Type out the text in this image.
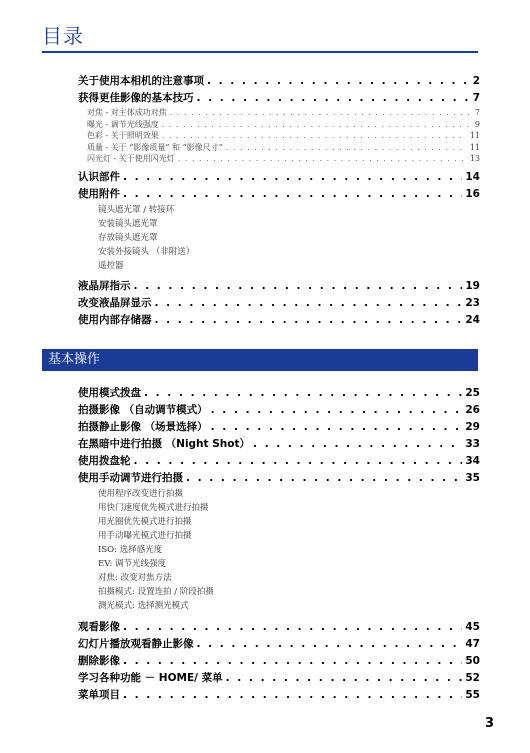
目录
关于使用本相机的注意事项 . . .	2
获得更佳影像的基本技巧 . . .	7
对焦 - 对主体成功对焦 . . .	7
曝光 - 调节光线强度 . . .	9
色彩 - 关于照明效果 . . .	11
质量 - 关于 “影像质量” 和 “影像尺寸” . . .	11
闪光灯 - 关于使用闪光灯 . . .	13
认识部件 . . .	14
使用附件 . . .	16
镜头遮光罩 / 转接环
安装镜头遮光罩
存放镜头遮光罩
安装外接镜头 （非附送）
遥控器
液晶屏指示 . . .	19
改变液晶屏显示 . . .	23
使用内部存储器 . . .	24
基本操作
使用模式拨盘 . . .	25
拍摄影像 （自动调节模式） . . .	26
拍摄静止影像 （场景选择） . . .	29
在黑暗中进行拍摄 （Night Shot） . . .	33
使用拨盘轮 . . .	34
使用手动调节进行拍摄 . . .	35
使用程序改变进行拍摄
用快门速度优先模式进行拍摄
用光圈优先模式进行拍摄
用手动曝光模式进行拍摄
ISO: 选择感光度
EV: 调节光线强度
对焦: 改变对焦方法
拍摄模式: 设置连拍 / 阶段拍摄
测光模式: 选择测光模式
观看影像 . . .	45
幻灯片播放观看静止影像 . . .	47
删除影像 . . .	50
学习各种功能 － HOME/ 菜单 . . .	52
菜单项目 . . .	55
3
